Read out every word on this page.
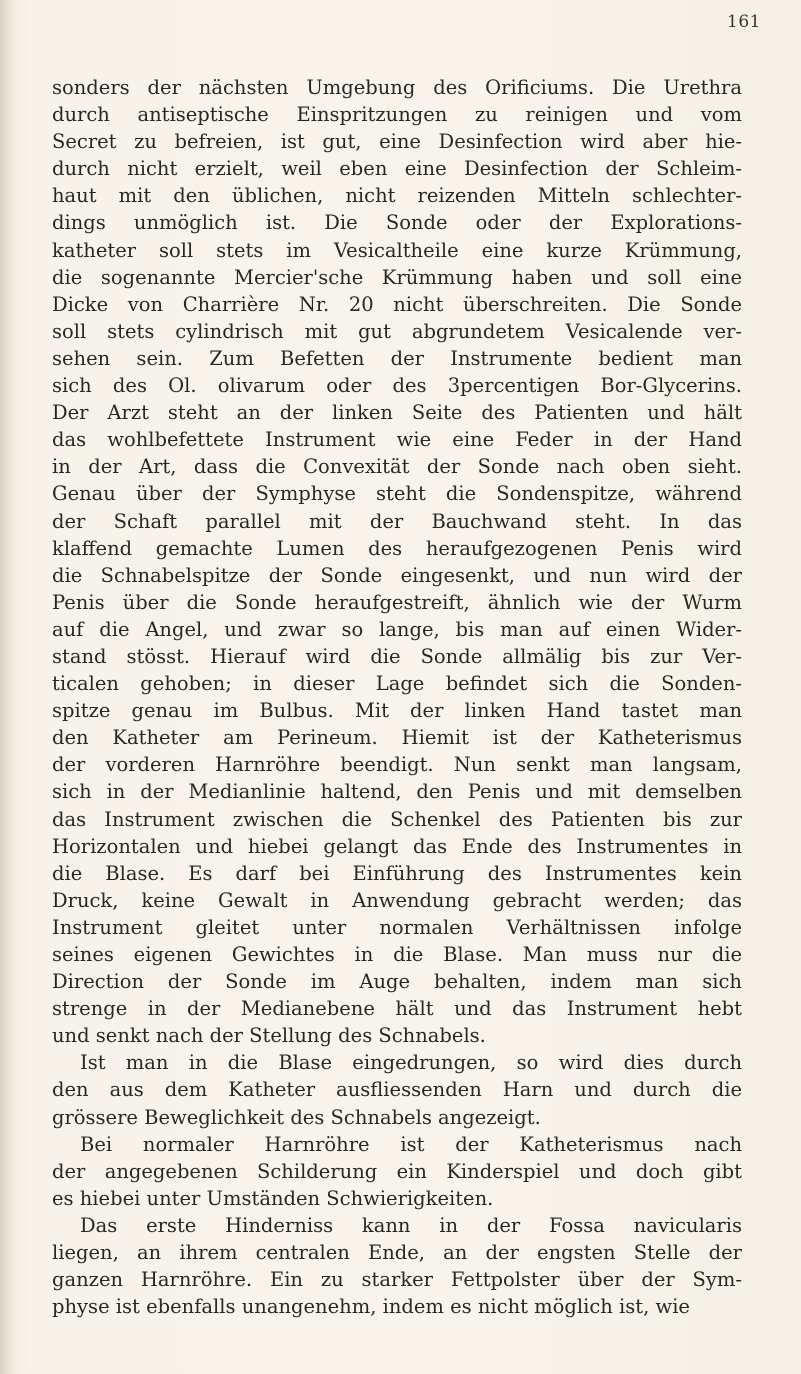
161
sonders der nächsten Umgebung des Orificiums. Die Urethra
durch antiseptische Einspritzungen zu reinigen und vom
Secret zu befreien, ist gut, eine Desinfection wird aber hie-
durch nicht erzielt, weil eben eine Desinfection der Schleim-
haut mit den üblichen, nicht reizenden Mitteln schlechter-
dings unmöglich ist. Die Sonde oder der Explorations-
katheter soll stets im Vesicaltheile eine kurze Krümmung,
die sogenannte Mercier'sche Krümmung haben und soll eine
Dicke von Charrière Nr. 20 nicht überschreiten. Die Sonde
soll stets cylindrisch mit gut abgrundetem Vesicalende ver-
sehen sein. Zum Befetten der Instrumente bedient man
sich des Ol. olivarum oder des 3percentigen Bor-Glycerins.
Der Arzt steht an der linken Seite des Patienten und hält
das wohlbefettete Instrument wie eine Feder in der Hand
in der Art, dass die Convexität der Sonde nach oben sieht.
Genau über der Symphyse steht die Sondenspitze, während
der Schaft parallel mit der Bauchwand steht. In das
klaffend gemachte Lumen des heraufgezogenen Penis wird
die Schnabelspitze der Sonde eingesenkt, und nun wird der
Penis über die Sonde heraufgestreift, ähnlich wie der Wurm
auf die Angel, und zwar so lange, bis man auf einen Wider-
stand stösst. Hierauf wird die Sonde allmälig bis zur Ver-
ticalen gehoben; in dieser Lage befindet sich die Sonden-
spitze genau im Bulbus. Mit der linken Hand tastet man
den Katheter am Perineum. Hiemit ist der Katheterismus
der vorderen Harnröhre beendigt. Nun senkt man langsam,
sich in der Medianlinie haltend, den Penis und mit demselben
das Instrument zwischen die Schenkel des Patienten bis zur
Horizontalen und hiebei gelangt das Ende des Instrumentes in
die Blase. Es darf bei Einführung des Instrumentes kein
Druck, keine Gewalt in Anwendung gebracht werden; das
Instrument gleitet unter normalen Verhältnissen infolge
seines eigenen Gewichtes in die Blase. Man muss nur die
Direction der Sonde im Auge behalten, indem man sich
strenge in der Medianebene hält und das Instrument hebt
und senkt nach der Stellung des Schnabels.
Ist man in die Blase eingedrungen, so wird dies durch
den aus dem Katheter ausfliessenden Harn und durch die
grössere Beweglichkeit des Schnabels angezeigt.
Bei normaler Harnröhre ist der Katheterismus nach
der angegebenen Schilderung ein Kinderspiel und doch gibt
es hiebei unter Umständen Schwierigkeiten.
Das erste Hinderniss kann in der Fossa navicularis
liegen, an ihrem centralen Ende, an der engsten Stelle der
ganzen Harnröhre. Ein zu starker Fettpolster über der Sym-
physe ist ebenfalls unangenehm, indem es nicht möglich ist, wie
